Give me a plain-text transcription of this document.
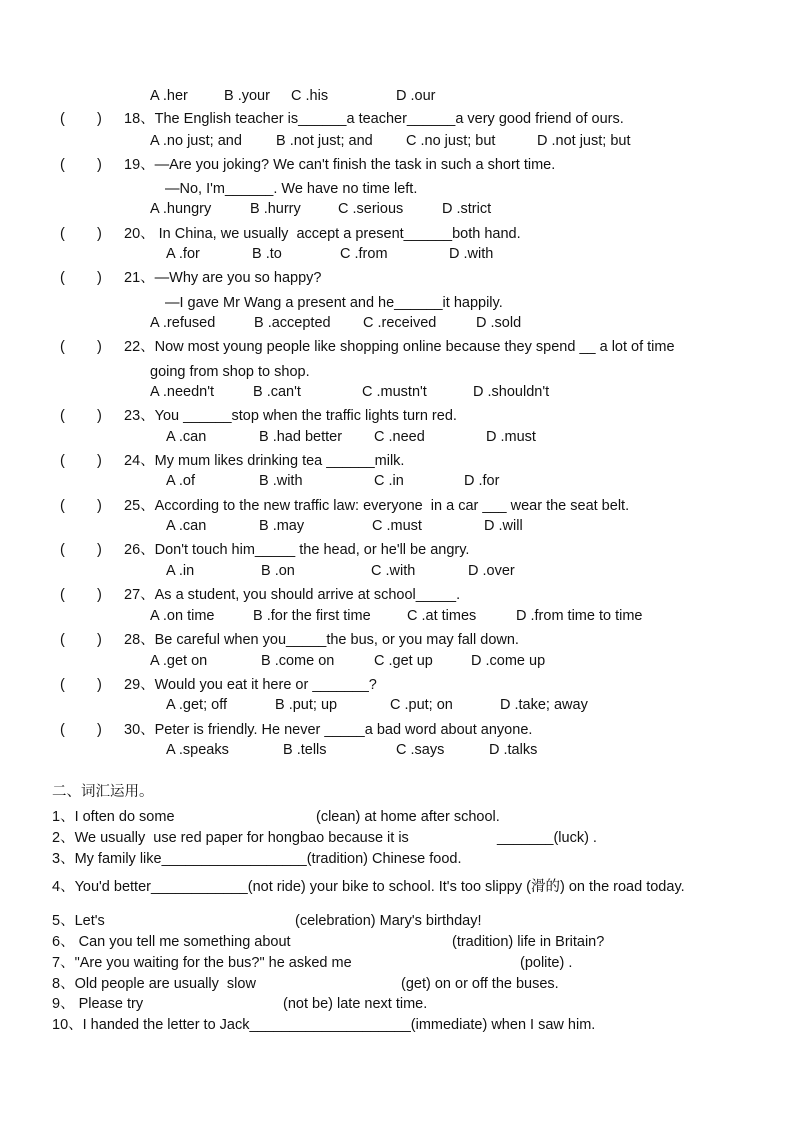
A .her B .your C .his	D .our
(        ) 18、The English teacher is______a teacher______a very good friend of ours.
A .no just; and B .not just; and C .no just; but	D .not just; but
(        ) 19、—Are you joking? We can't finish the task in such a short time.
—No, I'm______. We have no time left.
A .hungry	B .hurry	C .serious	D .strict
(        ) 20、 In China, we usually  accept a present______both hand.
A .for	B .to	C .from	D .with
(        ) 21、—Why are you so happy?
—I gave Mr Wang a present and he______it happily.
A .refused	B .accepted C .received	D .sold
(        ) 22、Now most young people like shopping online because they spend __ a lot of time
going from shop to shop.
A .needn't	B .can't	C .mustn't	D .shouldn't
(        ) 23、You ______stop when the traffic lights turn red.
A .can	B .had better C .need	D .must
(        ) 24、My mum likes drinking tea ______milk.
A .of	B .with	C .in	D .for
(        ) 25、According to the new traffic law: everyone  in a car ___ wear the seat belt.
A .can	B .may	C .must	D .will
(        ) 26、Don't touch him_____ the head, or he'll be angry.
A .in	B .on	C .with	D .over
(        ) 27、As a student, you should arrive at school_____.
A .on time	B .for the first time	C .at times	D .from time to time
(        ) 28、Be careful when you_____the bus, or you may fall down.
A .get on	B .come on	C .get up	D .come up
(        ) 29、Would you eat it here or _______?
A .get; off	B .put; up	C .put; on	D .take; away
(        ) 30、Peter is friendly. He never _____a bad word about anyone.
A .speaks	B .tells	C .says	D .talks
二、词汇运用。
1、I often do some	(clean) at home after school.
2、We usually  use red paper for hongbao because it is	_______(luck) .
3、My family like__________________(tradition) Chinese food.
4、You'd better____________(not ride) your bike to school. It's too slippy (滑的) on the road today.
5、Let's	(celebration) Mary's birthday!
6、 Can you tell me something about	(tradition) life in Britain?
7、"Are you waiting for the bus?" he asked me	(polite) .
8、Old people are usually  slow	(get) on or off the buses.
9、 Please try	(not be) late next time.
10、I handed the letter to Jack____________________(immediate) when I saw him.
